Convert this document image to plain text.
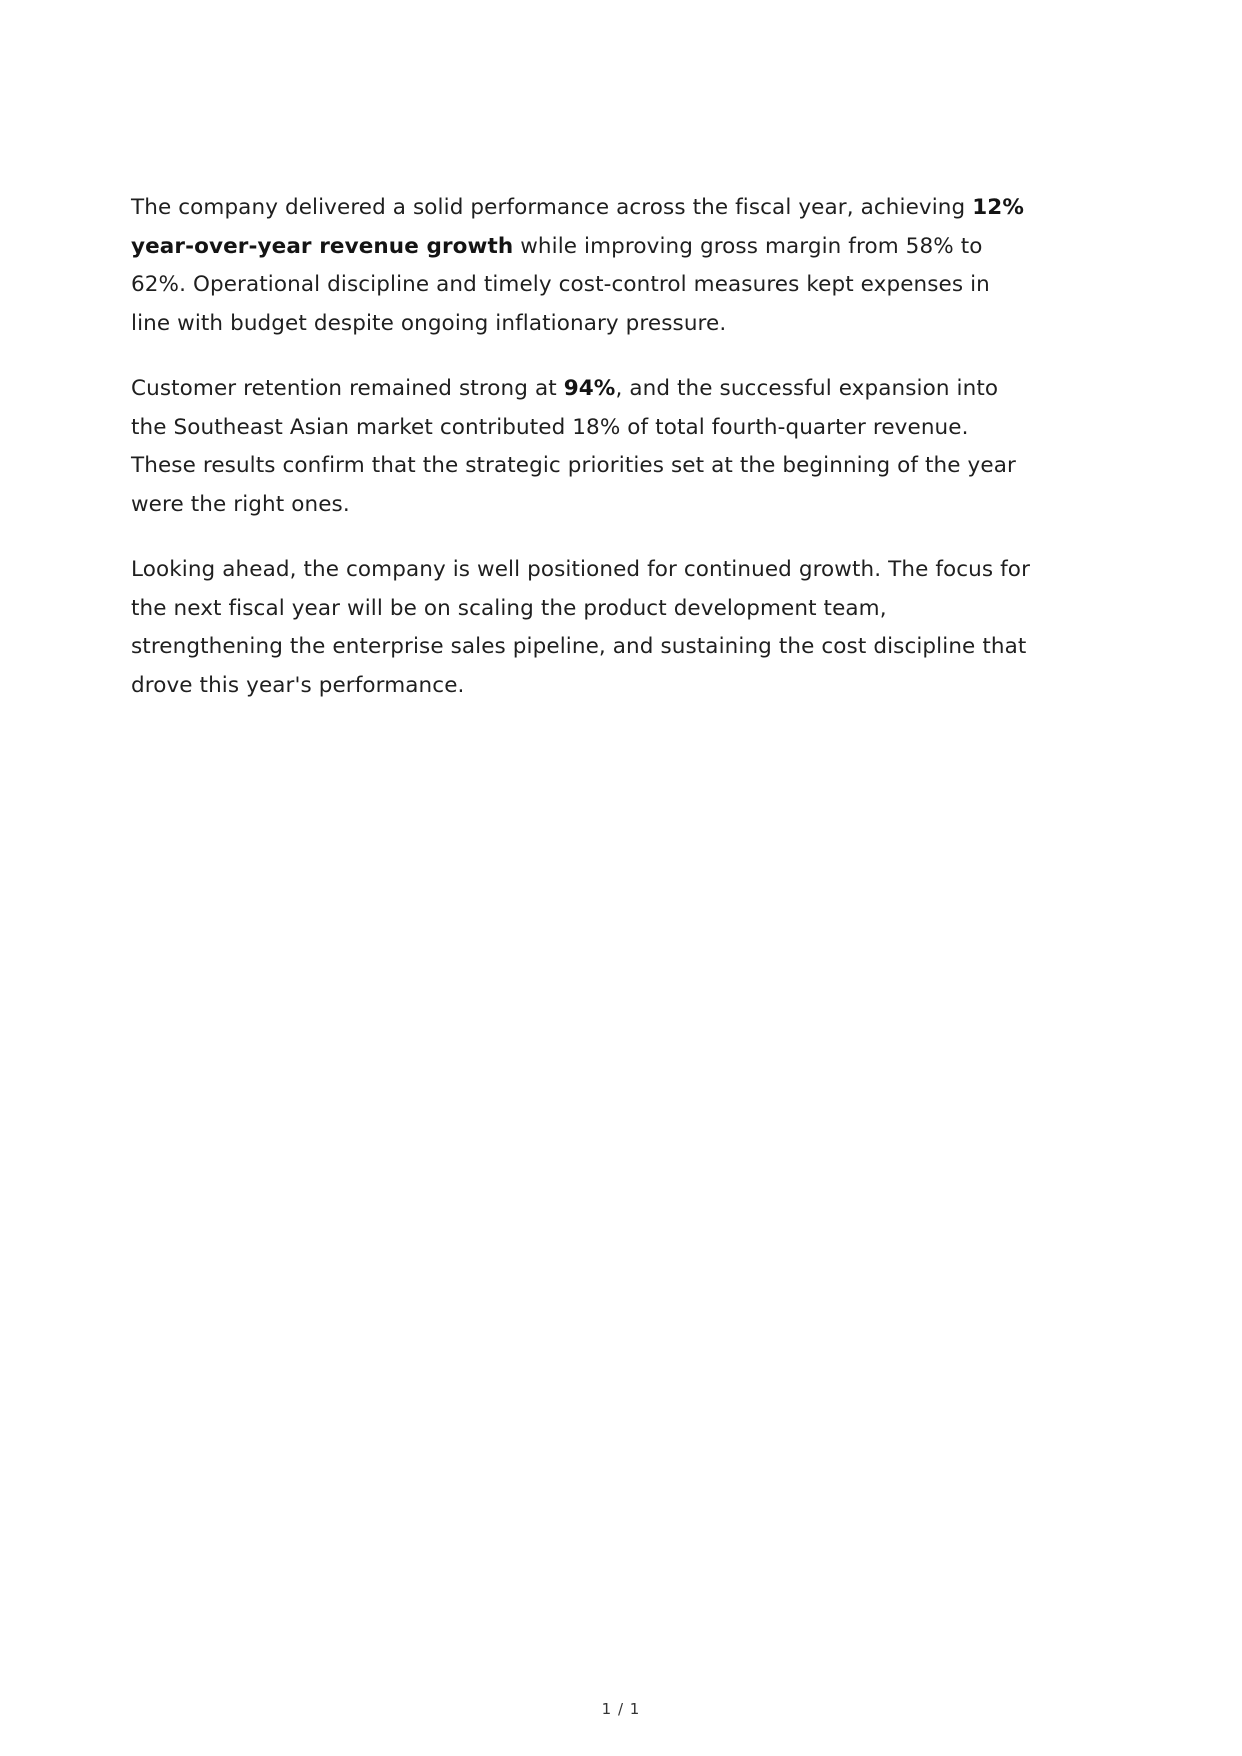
The company delivered a solid performance across the fiscal year, achieving 12% year-over-year revenue growth while improving gross margin from 58% to 62%. Operational discipline and timely cost-control measures kept expenses in line with budget despite ongoing inflationary pressure.

Customer retention remained strong at 94%, and the successful expansion into the Southeast Asian market contributed 18% of total fourth-quarter revenue. These results confirm that the strategic priorities set at the beginning of the year were the right ones.

Looking ahead, the company is well positioned for continued growth. The focus for the next fiscal year will be on scaling the product development team, strengthening the enterprise sales pipeline, and sustaining the cost discipline that drove this year's performance.

1 / 1
